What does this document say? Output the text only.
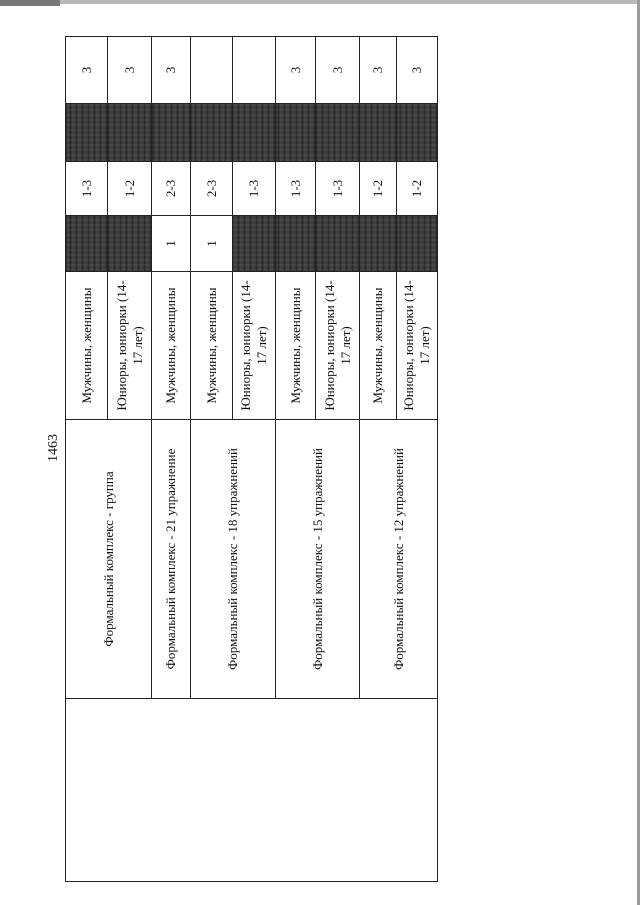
1463
	Формальный комплекс - группа	Мужчины, женщины		1-3		3
		Юниоры, юниорки (14-17 лет)		1-2		3
	Формальный комплекс - 21 упражнение	Мужчины, женщины	1	2-3		3
	Формальный комплекс - 18 упражнений	Мужчины, женщины	1	2-3		
		Юниоры, юниорки (14-17 лет)		1-3		
	Формальный комплекс - 15 упражнений	Мужчины, женщины		1-3		3
		Юниоры, юниорки (14-17 лет)		1-3		3
	Формальный комплекс - 12 упражнений	Мужчины, женщины		1-2		3
		Юниоры, юниорки (14-17 лет)		1-2		3
